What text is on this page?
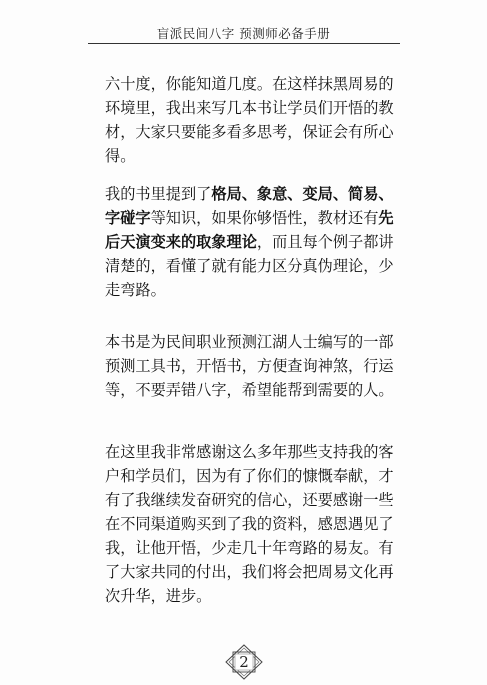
盲派民间八字 预测师必备手册

六十度，你能知道几度。在这样抹黑周易的环境里，我出来写几本书让学员们开悟的教材，大家只要能多看多思考，保证会有所心得。

我的书里提到了格局、象意、变局、简易、字碰字等知识，如果你够悟性，教材还有先后天演变来的取象理论，而且每个例子都讲清楚的，看懂了就有能力区分真伪理论，少走弯路。

本书是为民间职业预测江湖人士编写的一部预测工具书，开悟书，方便查询神煞，行运等，不要弄错八字，希望能帮到需要的人。

在这里我非常感谢这么多年那些支持我的客户和学员们，因为有了你们的慷慨奉献，才有了我继续发奋研究的信心，还要感谢一些在不同渠道购买到了我的资料，感恩遇见了我，让他开悟，少走几十年弯路的易友。有了大家共同的付出，我们将会把周易文化再次升华，进步。

2
